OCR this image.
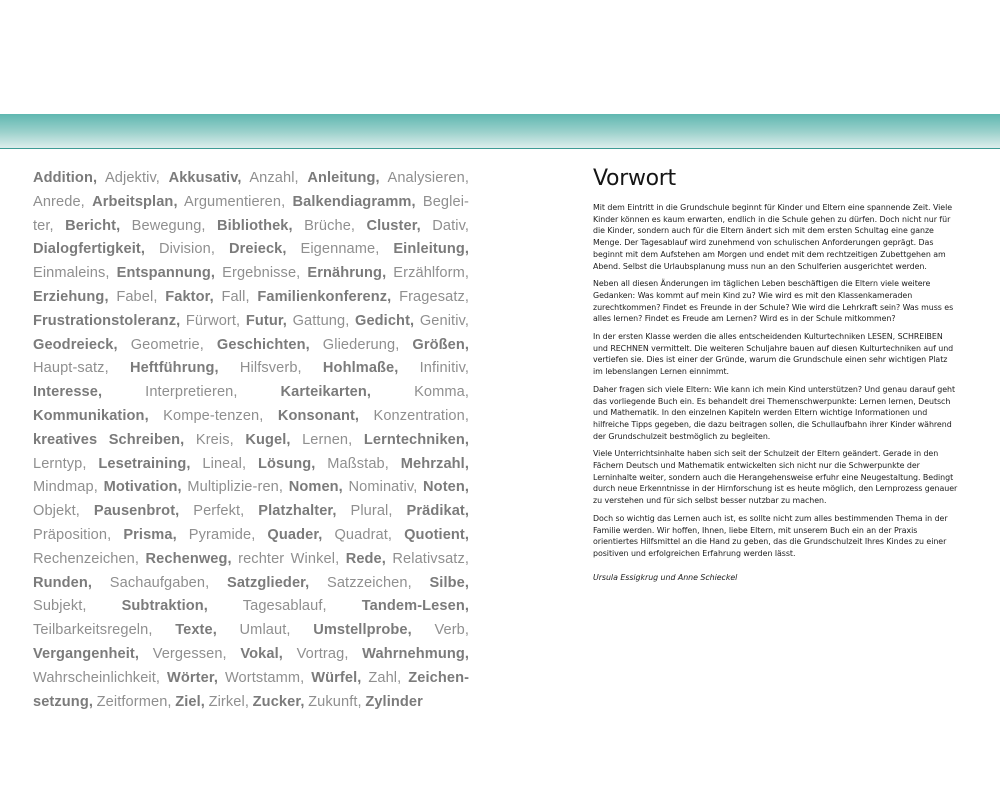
Addition, Adjektiv, Akkusativ, Anzahl, Anleitung, Analysieren, Anrede, Arbeitsplan, Argumentieren, Balkendiagramm, Beglei-ter, Bericht, Bewegung, Bibliothek, Brüche, Cluster, Dativ, Dialogfertigkeit, Division, Dreieck, Eigenname, Einleitung, Einmaleins, Entspannung, Ergebnisse, Ernährung, Erzählform, Erziehung, Fabel, Faktor, Fall, Familienkonferenz, Fragesatz, Frustrationstoleranz, Fürwort, Futur, Gattung, Gedicht, Genitiv, Geodreieck, Geometrie, Geschichten, Gliederung, Größen, Haupt-satz, Heftführung, Hilfsverb, Hohlmaße, Infinitiv, Interesse,	Interpretieren,	Karteikarten,	Komma, Kommunikation, Kompe-tenzen, Konsonant, Konzentration, kreatives Schreiben, Kreis, Kugel, Lernen, Lerntechniken, Lerntyp, Lesetraining, Lineal, Lösung, Maßstab, Mehrzahl, Mindmap, Motivation, Multiplizie-ren, Nomen, Nominativ, Noten, Objekt, Pausenbrot, Perfekt, Platzhalter, Plural, Prädikat, Präposition, Prisma, Pyramide, Quader, Quadrat, Quotient, Rechenzeichen, Rechenweg, rechter Winkel, Rede, Relativsatz, Runden, Sachaufgaben, Satzglieder, Satzzeichen, Silbe, Subjekt, Subtraktion, Tagesablauf, Tandem-Lesen, Teilbarkeitsregeln, Texte, Umlaut, Umstellprobe, Verb, Vergangenheit, Vergessen, Vokal, Vortrag, Wahrnehmung, Wahrscheinlichkeit, Wörter, Wortstamm, Würfel, Zahl, Zeichen-setzung, Zeitformen, Ziel, Zirkel, Zucker, Zukunft, Zylinder
Vorwort

Mit dem Eintritt in die Grundschule beginnt für Kinder und Eltern eine spannende Zeit. Viele Kinder können es kaum erwarten, endlich in die Schule gehen zu dürfen. Doch nicht nur für die Kinder, sondern auch für die Eltern ändert sich mit dem ersten Schultag eine ganze Menge. Der Tagesablauf wird zunehmend von schulischen Anforderungen geprägt. Das beginnt mit dem Aufstehen am Morgen und endet mit dem rechtzeitigen Zubettgehen am Abend. Selbst die Urlaubsplanung muss nun an den Schulferien ausgerichtet werden.

Neben all diesen Änderungen im täglichen Leben beschäftigen die Eltern viele weitere Gedanken: Was kommt auf mein Kind zu? Wie wird es mit den Klassenkameraden zurechtkommen? Findet es Freunde in der Schule? Wie wird die Lehrkraft sein? Was muss es alles lernen? Findet es Freude am Lernen? Wird es in der Schule mitkommen?

In der ersten Klasse werden die alles entscheidenden Kulturtechniken LESEN, SCHREIBEN und RECHNEN vermittelt. Die weiteren Schuljahre bauen auf diesen Kulturtechniken auf und vertiefen sie. Dies ist einer der Gründe, warum die Grundschule einen sehr wichtigen Platz im lebenslangen Lernen einnimmt.

Daher fragen sich viele Eltern: Wie kann ich mein Kind unterstützen? Und genau darauf geht das vorliegende Buch ein. Es behandelt drei Themenschwerpunkte: Lernen lernen, Deutsch und Mathematik. In den einzelnen Kapiteln werden Eltern wichtige Informationen und hilfreiche Tipps gegeben, die dazu beitragen sollen, die Schullaufbahn ihrer Kinder während der Grundschulzeit bestmöglich zu begleiten.

Viele Unterrichtsinhalte haben sich seit der Schulzeit der Eltern geändert. Gerade in den Fächern Deutsch und Mathematik entwickelten sich nicht nur die Schwerpunkte der Lerninhalte weiter, sondern auch die Herangehensweise erfuhr eine Neugestaltung. Bedingt durch neue Erkenntnisse in der Hirnforschung ist es heute möglich, den Lernprozess genauer zu verstehen und für sich selbst besser nutzbar zu machen.

Doch so wichtig das Lernen auch ist, es sollte nicht zum alles bestimmenden Thema in der Familie werden. Wir hoffen, Ihnen, liebe Eltern, mit unserem Buch ein an der Praxis orientiertes Hilfsmittel an die Hand zu geben, das die Grundschulzeit Ihres Kindes zu einer positiven und erfolgreichen Erfahrung werden lässt.

Ursula Essigkrug und Anne Schieckel
